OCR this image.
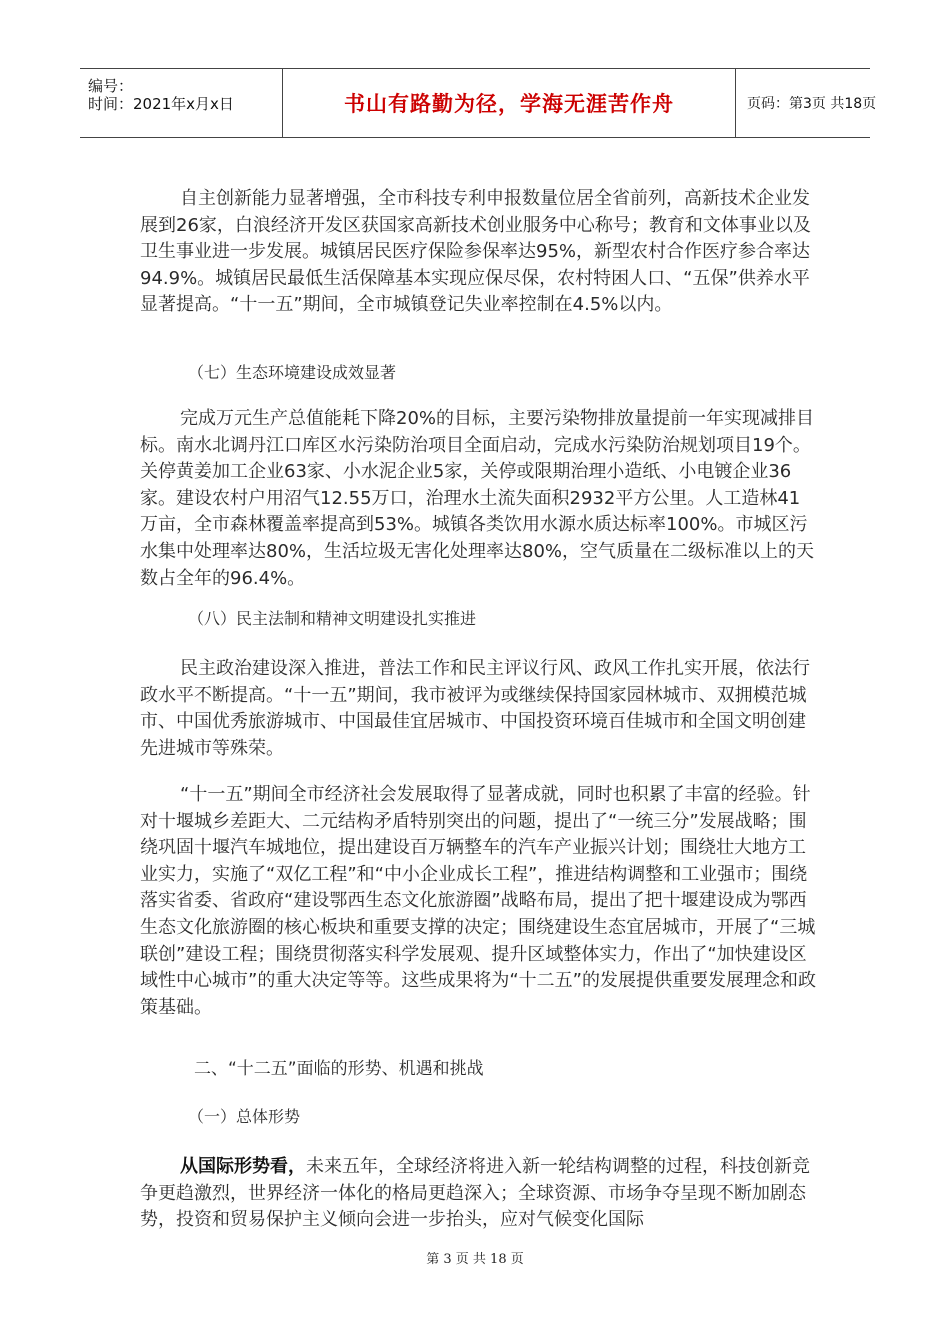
编号：
时间：2021年x月x日	书山有路勤为径，学海无涯苦作舟	页码：第3页 共18页

自主创新能力显著增强，全市科技专利申报数量位居全省前列，高新技术企业发展到26家，白浪经济开发区获国家高新技术创业服务中心称号；教育和文体事业以及卫生事业进一步发展。城镇居民医疗保险参保率达95%，新型农村合作医疗参合率达94.9%。城镇居民最低生活保障基本实现应保尽保，农村特困人口、“五保”供养水平显著提高。“十一五”期间，全市城镇登记失业率控制在4.5%以内。

（七）生态环境建设成效显著

完成万元生产总值能耗下降20%的目标，主要污染物排放量提前一年实现减排目标。南水北调丹江口库区水污染防治项目全面启动，完成水污染防治规划项目19个。关停黄姜加工企业63家、小水泥企业5家，关停或限期治理小造纸、小电镀企业36家。建设农村户用沼气12.55万口，治理水土流失面积2932平方公里。人工造林41万亩，全市森林覆盖率提高到53%。城镇各类饮用水源水质达标率100%。市城区污水集中处理率达80%，生活垃圾无害化处理率达80%，空气质量在二级标准以上的天数占全年的96.4%。

（八）民主法制和精神文明建设扎实推进

民主政治建设深入推进，普法工作和民主评议行风、政风工作扎实开展，依法行政水平不断提高。“十一五”期间，我市被评为或继续保持国家园林城市、双拥模范城市、中国优秀旅游城市、中国最佳宜居城市、中国投资环境百佳城市和全国文明创建先进城市等殊荣。

“十一五”期间全市经济社会发展取得了显著成就，同时也积累了丰富的经验。针对十堰城乡差距大、二元结构矛盾特别突出的问题，提出了“一统三分”发展战略；围绕巩固十堰汽车城地位，提出建设百万辆整车的汽车产业振兴计划；围绕壮大地方工业实力，实施了“双亿工程”和“中小企业成长工程”，推进结构调整和工业强市；围绕落实省委、省政府“建设鄂西生态文化旅游圈”战略布局，提出了把十堰建设成为鄂西生态文化旅游圈的核心板块和重要支撑的决定；围绕建设生态宜居城市，开展了“三城联创”建设工程；围绕贯彻落实科学发展观、提升区域整体实力，作出了“加快建设区域性中心城市”的重大决定等等。这些成果将为“十二五”的发展提供重要发展理念和政策基础。

二、“十二五”面临的形势、机遇和挑战

（一）总体形势

从国际形势看，未来五年，全球经济将进入新一轮结构调整的过程，科技创新竞争更趋激烈，世界经济一体化的格局更趋深入；全球资源、市场争夺呈现不断加剧态势，投资和贸易保护主义倾向会进一步抬头，应对气候变化国际

第 3 页 共 18 页
